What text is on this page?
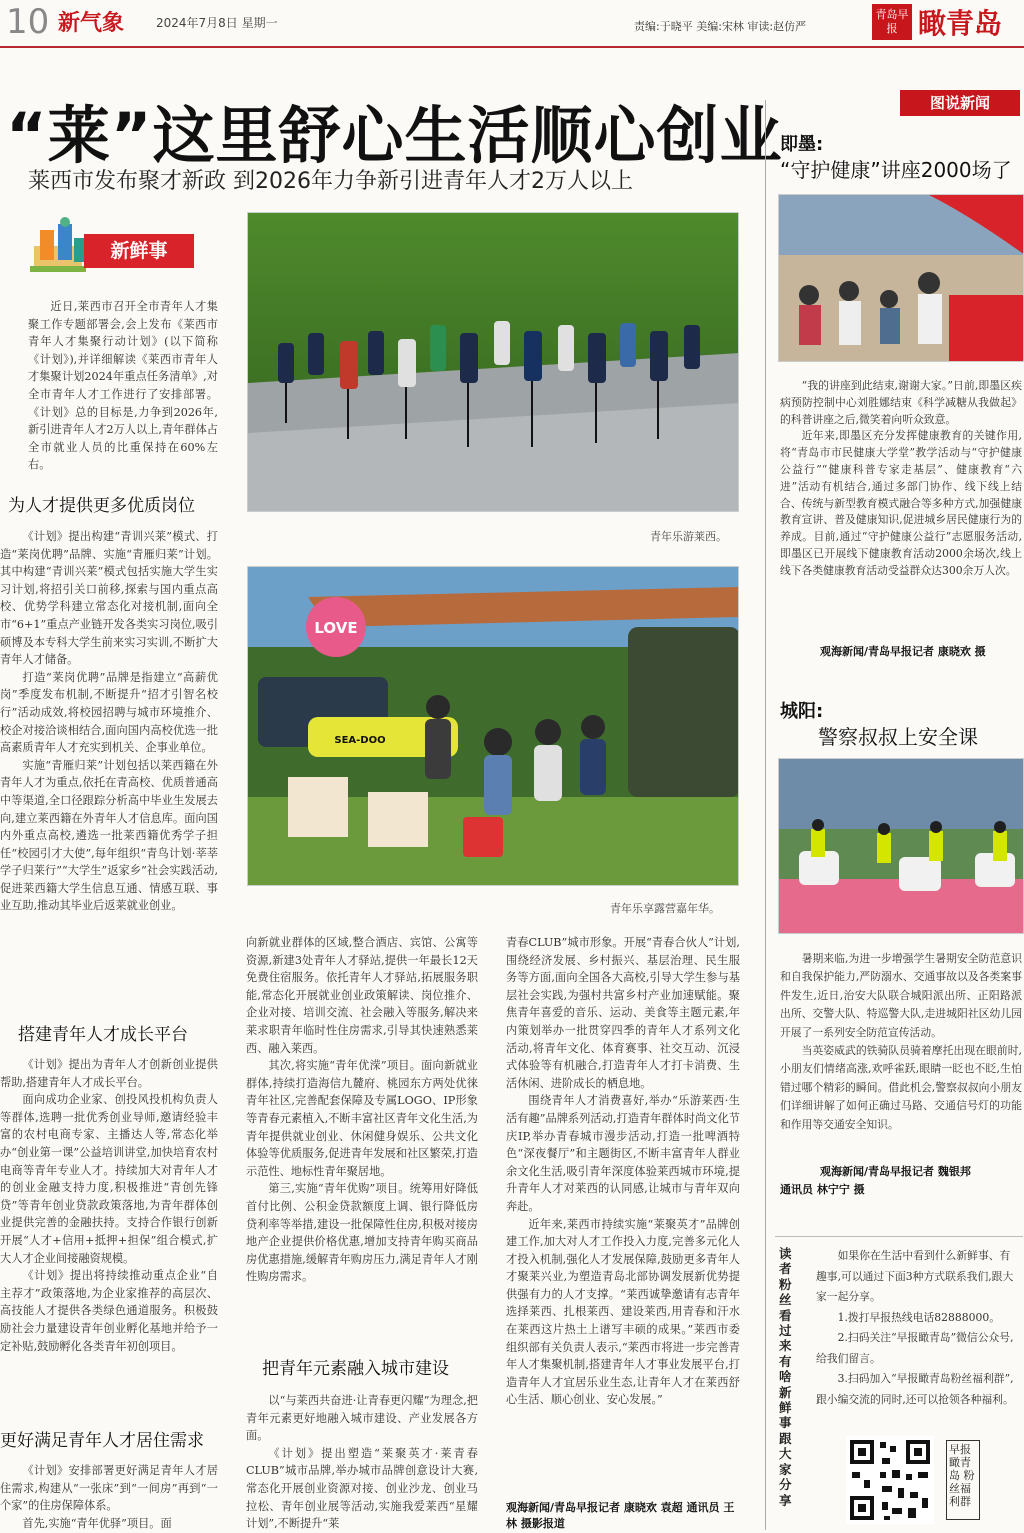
10 新气象	2024年7月8日 星期一	责编:于晓平 美编:宋林 审读:赵仿严
青岛早报 瞰青岛
“莱”这里舒心生活顺心创业
莱西市发布聚才新政 到2026年力争新引进青年人才2万人以上
新鲜事

近日,莱西市召开全市青年人才集聚工作专题部署会,会上发布《莱西市青年人才集聚行动计划》(以下简称《计划》),并详细解读《莱西市青年人才集聚计划2024年重点任务清单》,对全市青年人才工作进行了安排部署。《计划》总的目标是,力争到2026年,新引进青年人才2万人以上,青年群体占全市就业人员的比重保持在60%左右。

为人才提供更多优质岗位

《计划》提出构建“青训兴莱”模式、打造“莱岗优聘”品牌、实施“青雁归莱”计划。其中构建“青训兴莱”模式包括实施大学生实习计划,将招引关口前移,探索与国内重点高校、优势学科建立常态化对接机制,面向全市“6+1”重点产业链开发各类实习岗位,吸引硕博及本专科大学生前来实习实训,不断扩大青年人才储备。

打造“莱岗优聘”品牌是指建立“高薪优岗”季度发布机制,不断提升“招才引智名校行”活动成效,将校园招聘与城市环境推介、校企对接洽谈相结合,面向国内高校优选一批高素质青年人才充实到机关、企事业单位。

实施“青雁归莱”计划包括以莱西籍在外青年人才为重点,依托在青高校、优质普通高中等渠道,全口径跟踪分析高中毕业生发展去向,建立莱西籍在外青年人才信息库。面向国内外重点高校,遴选一批莱西籍优秀学子担任“校园引才大使”,每年组织“青鸟计划·莘莘学子归莱行”“大学生”返家乡”社会实践活动,促进莱西籍大学生信息互通、情感互联、事业互助,推动其毕业后返莱就业创业。

搭建青年人才成长平台

《计划》提出为青年人才创新创业提供帮助,搭建青年人才成长平台。

面向成功企业家、创投风投机构负责人等群体,选聘一批优秀创业导师,邀请经验丰富的农村电商专家、主播达人等,常态化举办“创业第一课”公益培训讲堂,加快培育农村电商等青年专业人才。持续加大对青年人才的创业金融支持力度,积极推进“青创先锋贷”等青年创业贷款政策落地,为青年群体创业提供完善的金融扶持。支持合作银行创新开展“人才+信用+抵押+担保”组合模式,扩大人才企业间接融资规模。

《计划》提出将持续推动重点企业“自主荐才”政策落地,为企业家推荐的高层次、高技能人才提供各类绿色通道服务。积极鼓励社会力量建设青年创业孵化基地并给予一定补贴,鼓励孵化各类青年初创项目。

更好满足青年人才居住需求

《计划》安排部署更好满足青年人才居住需求,构建从“一张床”到“一间房”再到“一个家”的住房保障体系。

首先,实施“青年优驿”项目。面

青年乐游莱西。
LOVE
SEA-DOO
青年乐享露营嘉年华。

向新就业群体的区域,整合酒店、宾馆、公寓等资源,新建3处青年人才驿站,提供一年最长12天免费住宿服务。依托青年人才驿站,拓展服务职能,常态化开展就业创业政策解读、岗位推介、企业对接、培训交流、社会融入等服务,解决来莱求职青年临时性住房需求,引导其快速熟悉莱西、融入莱西。

其次,将实施“青年优溁”项目。面向新就业群体,持续打造海信九麓府、桃园东方两处优徕青年社区,完善配套保障及专属LOGO、IP形象等青春元素植入,不断丰富社区青年文化生活,为青年提供就业创业、休闲健身娱乐、公共文化体验等优质服务,促进青年发展和社区繁荣,打造示范性、地标性青年聚居地。

第三,实施“青年优购”项目。统筹用好降低首付比例、公积金贷款额度上调、银行降低房贷利率等举措,建设一批保障性住房,积极对接房地产企业提供价格优惠,增加支持青年购买商品房优惠措施,缓解青年购房压力,满足青年人才刚性购房需求。

把青年元素融入城市建设

以“与莱西共奋进·让青春更闪耀”为理念,把青年元素更好地融入城市建设、产业发展各方面。

《计划》提出塑造“莱聚英才·莱青春CLUB”城市品牌,举办城市品牌创意设计大赛,常态化开展创业资源对接、创业沙龙、创业马拉松、青年创业展等活动,实施我爱莱西“星耀计划”,不断提升“莱

青春CLUB”城市形象。开展“青春合伙人”计划,围绕经济发展、乡村振兴、基层治理、民生服务等方面,面向全国各大高校,引导大学生参与基层社会实践,为强村共富乡村产业加速赋能。聚焦青年喜爱的音乐、运动、美食等主题元素,年内策划举办一批贯穿四季的青年人才系列文化活动,将青年文化、体育赛事、社交互动、沉浸式体验等有机融合,打造青年人才打卡消费、生活休闲、进阶成长的栖息地。

围绕青年人才消费喜好,举办“乐游莱西·生活有趣”品牌系列活动,打造青年群体时尚文化节庆IP,举办青春城市漫步活动,打造一批啤酒特色“深夜餐厅”和主题街区,不断丰富青年人群业余文化生活,吸引青年深度体验莱西城市环境,提升青年人才对莱西的认同感,让城市与青年双向奔赴。

近年来,莱西市持续实施“莱聚英才”品牌创建工作,加大对人才工作投入力度,完善多元化人才投入机制,强化人才发展保障,鼓励更多青年人才聚莱兴业,为塑造青岛北部协调发展新优势提供强有力的人才支撑。“莱西诚挚邀请有志青年选择莱西、扎根莱西、建设莱西,用青春和汗水在莱西这片热土上谱写丰硕的成果。”莱西市委组织部有关负责人表示,“莱西市将进一步完善青年人才集聚机制,搭建青年人才事业发展平台,打造青年人才宜居乐业生态,让青年人才在莱西舒心生活、顺心创业、安心发展。”

观海新闻/青岛早报记者 康晓欢 袁超 通讯员 王林 摄影报道
图说新闻
即墨:
“守护健康”讲座2000场了

“我的讲座到此结束,谢谢大家。”日前,即墨区疾病预防控制中心刘胜娜结束《科学减糖从我做起》的科普讲座之后,微笑着向听众致意。

近年来,即墨区充分发挥健康教育的关键作用,将“青岛市市民健康大学堂”教学活动与“守护健康公益行”“健康科普专家走基层”、健康教育“六进”活动有机结合,通过多部门协作、线下线上结合、传统与新型教育模式融合等多种方式,加强健康教育宣讲、普及健康知识,促进城乡居民健康行为的养成。目前,通过“守护健康公益行”志愿服务活动,即墨区已开展线下健康教育活动2000余场次,线上线下各类健康教育活动受益群众达300余万人次。

观海新闻/青岛早报记者 康晓欢 摄
城阳:
警察叔叔上安全课

暑期来临,为进一步增强学生暑期安全防范意识和自我保护能力,严防溺水、交通事故以及各类案事件发生,近日,治安大队联合城阳派出所、正阳路派出所、交警大队、特巡警大队,走进城阳社区幼儿园开展了一系列安全防范宣传活动。

当英姿威武的铁骑队员骑着摩托出现在眼前时,小朋友们情绪高涨,欢呼雀跃,眼睛一眨也不眨,生怕错过哪个精彩的瞬间。借此机会,警察叔叔向小朋友们详细讲解了如何正确过马路、交通信号灯的功能和作用等交通安全知识。

观海新闻/青岛早报记者 魏银邦
通讯员 林宁宁 摄
读者粉丝看过来 有啥新鲜事 跟大家分享

如果你在生活中看到什么新鲜事、有趣事,可以通过下面3种方式联系我们,跟大家一起分享。

1.拨打早报热线电话82888000。

2.扫码关注“早报瞰青岛”微信公众号,给我们留言。

3.扫码加入“早报瞰青岛粉丝福利群”,跟小编交流的同时,还可以抢领各种福利。

早报瞰青岛 粉丝福利群
